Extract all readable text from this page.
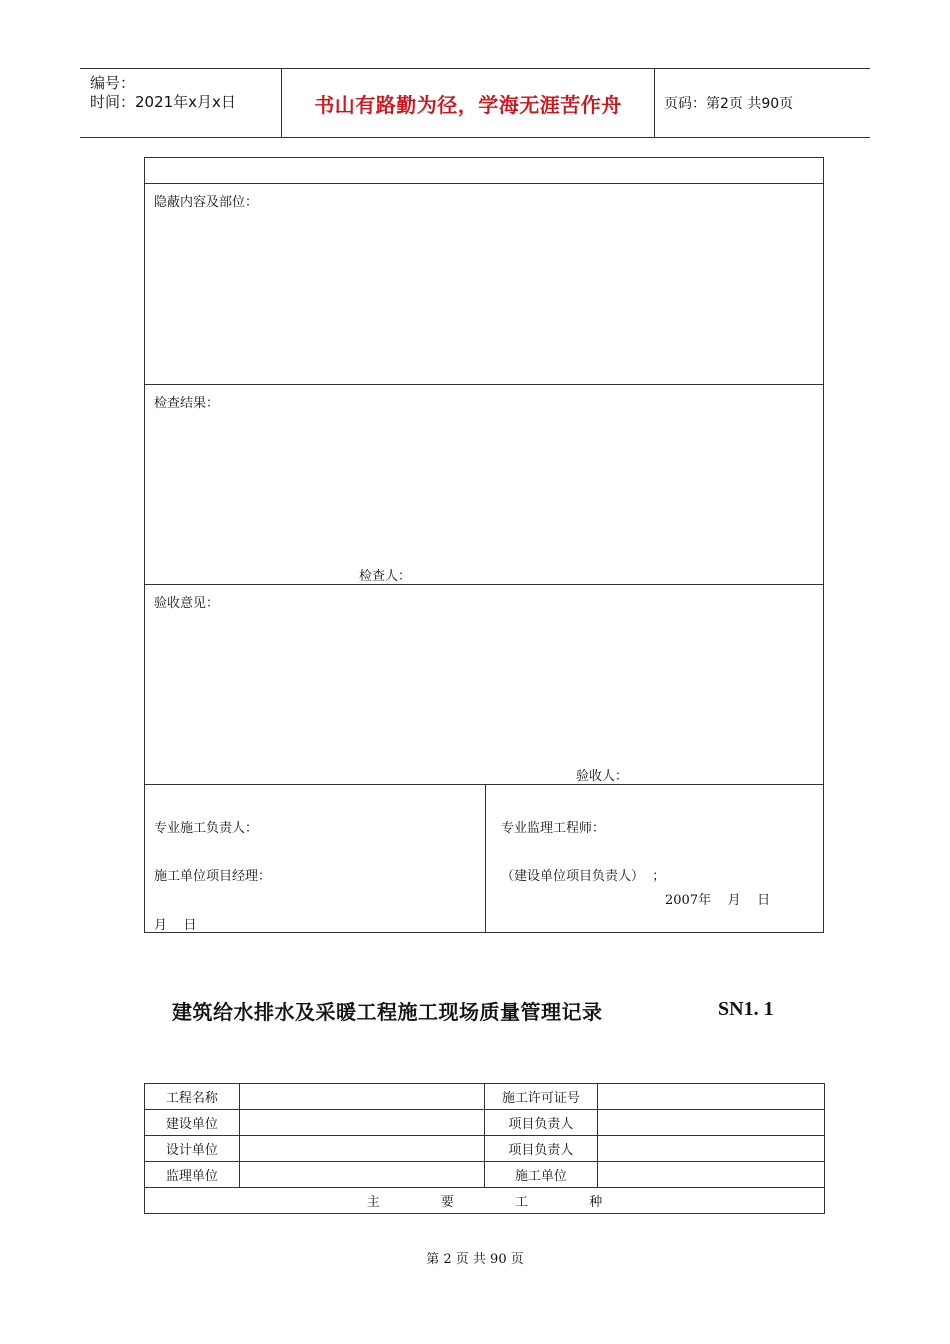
编号：
时间：2021年x月x日	书山有路勤为径，学海无涯苦作舟	页码：第2页 共90页
隐蔽内容及部位：
检查结果：
检查人：
验收意见：
验收人：
专业施工负责人：
施工单位项目经理：
月    日
专业监理工程师：
（建设单位项目负责人）  ；
2007年    月    日
建筑给水排水及采暖工程施工现场质量管理记录	SN1. 1
工程名称		施工许可证号	
建设单位		项目负责人	
设计单位		项目负责人	
监理单位		施工单位	
主 要 工 种			
第 2 页 共 90 页
